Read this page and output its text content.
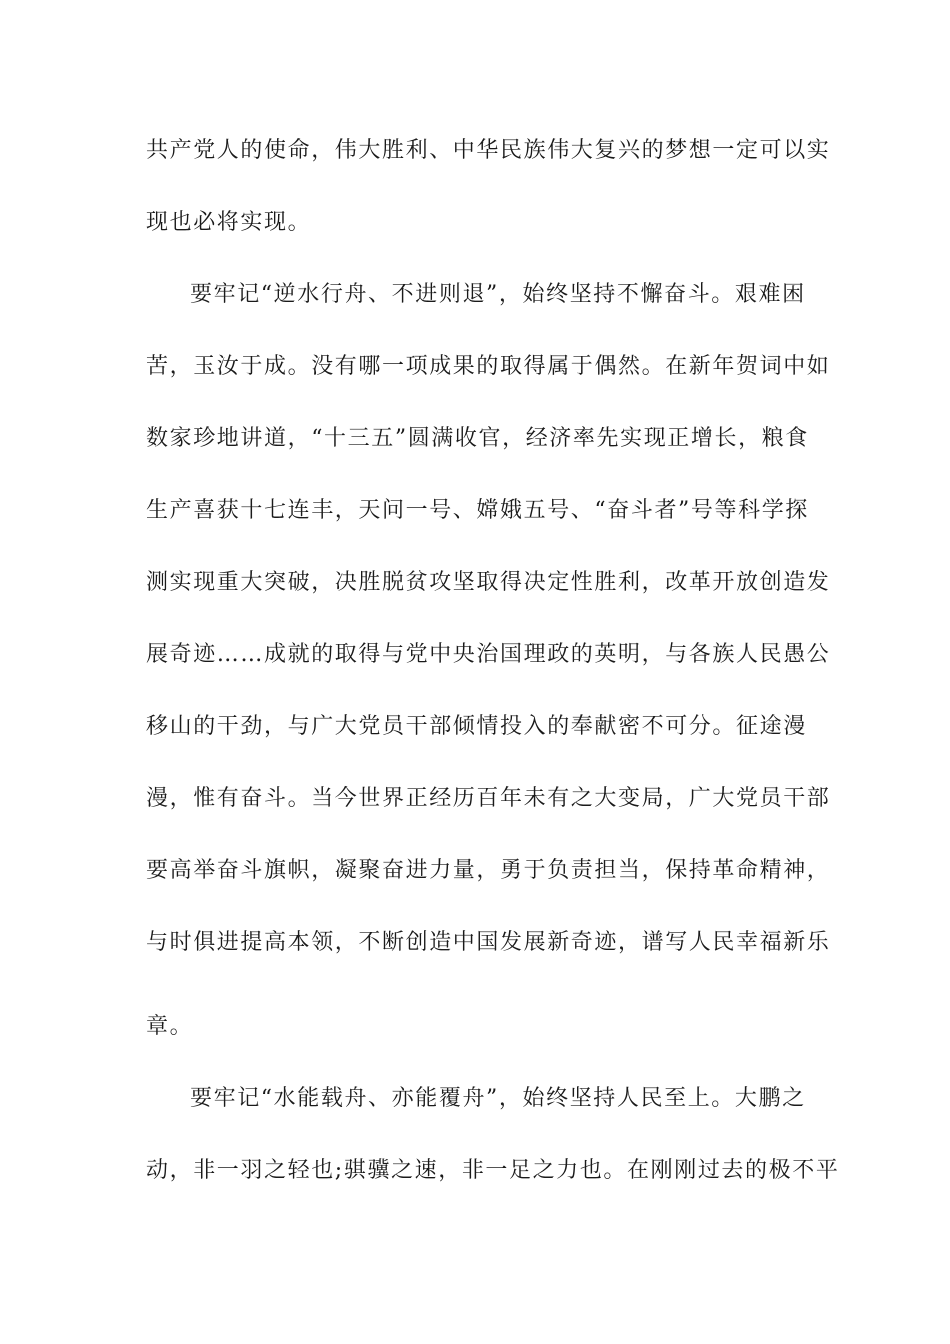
共产党人的使命，伟大胜利、中华民族伟大复兴的梦想一定可以实
现也必将实现。
要牢记“逆水行舟、不进则退”，始终坚持不懈奋斗。艰难困
苦，玉汝于成。没有哪一项成果的取得属于偶然。在新年贺词中如
数家珍地讲道，“十三五”圆满收官，经济率先实现正增长，粮食
生产喜获十七连丰，天问一号、嫦娥五号、“奋斗者”号等科学探
测实现重大突破，决胜脱贫攻坚取得决定性胜利，改革开放创造发
展奇迹……成就的取得与党中央治国理政的英明，与各族人民愚公
移山的干劲，与广大党员干部倾情投入的奉献密不可分。征途漫
漫，惟有奋斗。当今世界正经历百年未有之大变局，广大党员干部
要高举奋斗旗帜，凝聚奋进力量，勇于负责担当，保持革命精神，
与时俱进提高本领，不断创造中国发展新奇迹，谱写人民幸福新乐
章。
要牢记“水能载舟、亦能覆舟”，始终坚持人民至上。大鹏之
动，非一羽之轻也;骐骥之速，非一足之力也。在刚刚过去的极不平
